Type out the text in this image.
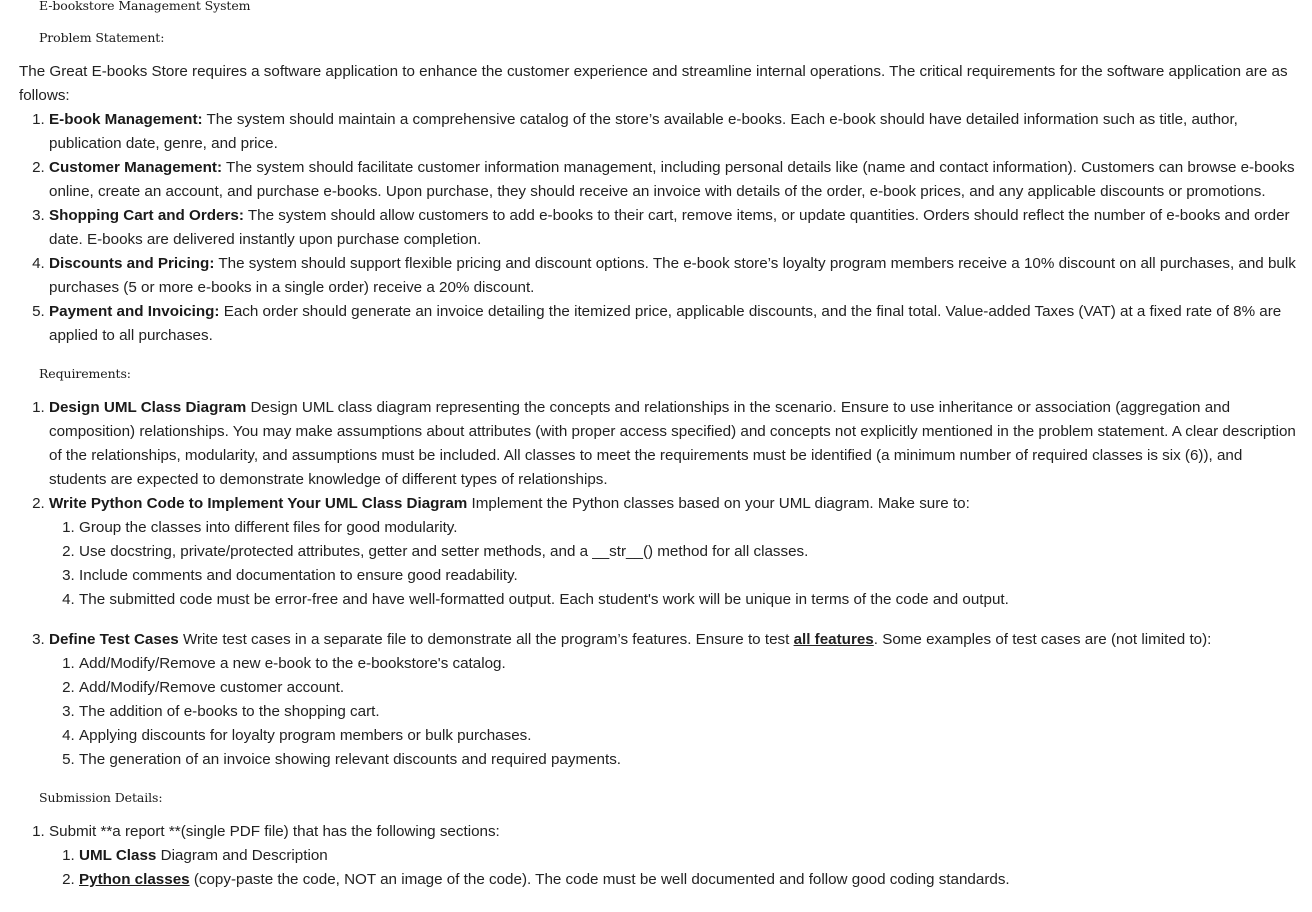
E-bookstore Management System
Problem Statement:

The Great E-books Store requires a software application to enhance the customer experience and streamline internal operations. The critical requirements for the software application are as follows:

1. E-book Management: The system should maintain a comprehensive catalog of the store’s available e-books. Each e-book should have detailed information such as title, author, publication date, genre, and price.
2. Customer Management: The system should facilitate customer information management, including personal details like (name and contact information). Customers can browse e-books online, create an account, and purchase e-books. Upon purchase, they should receive an invoice with details of the order, e-book prices, and any applicable discounts or promotions.
3. Shopping Cart and Orders: The system should allow customers to add e-books to their cart, remove items, or update quantities. Orders should reflect the number of e-books and order date. E-books are delivered instantly upon purchase completion.
4. Discounts and Pricing: The system should support flexible pricing and discount options. The e-book store’s loyalty program members receive a 10% discount on all purchases, and bulk purchases (5 or more e-books in a single order) receive a 20% discount.
5. Payment and Invoicing: Each order should generate an invoice detailing the itemized price, applicable discounts, and the final total. Value-added Taxes (VAT) at a fixed rate of 8% are applied to all purchases.
Requirements:
1. Design UML Class Diagram Design UML class diagram representing the concepts and relationships in the scenario. Ensure to use inheritance or association (aggregation and composition) relationships. You may make assumptions about attributes (with proper access specified) and concepts not explicitly mentioned in the problem statement. A clear description of the relationships, modularity, and assumptions must be included. All classes to meet the requirements must be identified (a minimum number of required classes is six (6)), and students are expected to demonstrate knowledge of different types of relationships.
2. Write Python Code to Implement Your UML Class Diagram Implement the Python classes based on your UML diagram. Make sure to:
1. Group the classes into different files for good modularity.
2. Use docstring, private/protected attributes, getter and setter methods, and a __str__() method for all classes.
3. Include comments and documentation to ensure good readability.
4. The submitted code must be error-free and have well-formatted output. Each student's work will be unique in terms of the code and output.
3. Define Test Cases Write test cases in a separate file to demonstrate all the program’s features. Ensure to test all features. Some examples of test cases are (not limited to):
1. Add/Modify/Remove a new e-book to the e-bookstore's catalog.
2. Add/Modify/Remove customer account.
3. The addition of e-books to the shopping cart.
4. Applying discounts for loyalty program members or bulk purchases.
5. The generation of an invoice showing relevant discounts and required payments.
Submission Details:
1. Submit **a report **(single PDF file) that has the following sections:
1. UML Class Diagram and Description
2. Python classes (copy-paste the code, NOT an image of the code). The code must be well documented and follow good coding standards.
